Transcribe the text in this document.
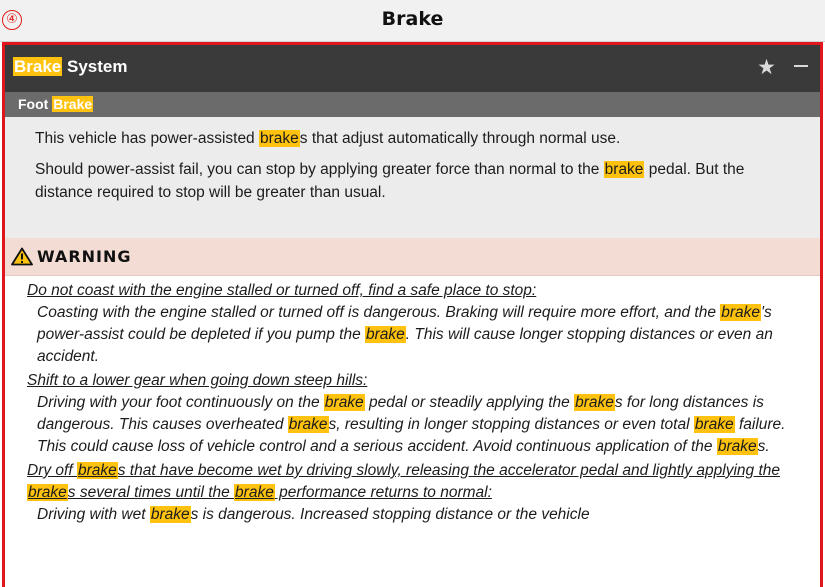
④	Brake
Brake System	★
Foot Brake

This vehicle has power-assisted brakes that adjust automatically through normal use.

Should power-assist fail, you can stop by applying greater force than normal to the brake pedal. But the distance required to stop will be greater than usual.

WARNING
Do not coast with the engine stalled or turned off, find a safe place to stop:
Coasting with the engine stalled or turned off is dangerous. Braking will require more effort, and the brake's power-assist could be depleted if you pump the brake. This will cause longer stopping distances or even an accident.
Shift to a lower gear when going down steep hills:
Driving with your foot continuously on the brake pedal or steadily applying the brakes for long distances is dangerous. This causes overheated brakes, resulting in longer stopping distances or even total brake failure. This could cause loss of vehicle control and a serious accident. Avoid continuous application of the brakes.
Dry off brakes that have become wet by driving slowly, releasing the accelerator pedal and lightly applying the brakes several times until the brake performance returns to normal:
Driving with wet brakes is dangerous. Increased stopping distance or the vehicle
